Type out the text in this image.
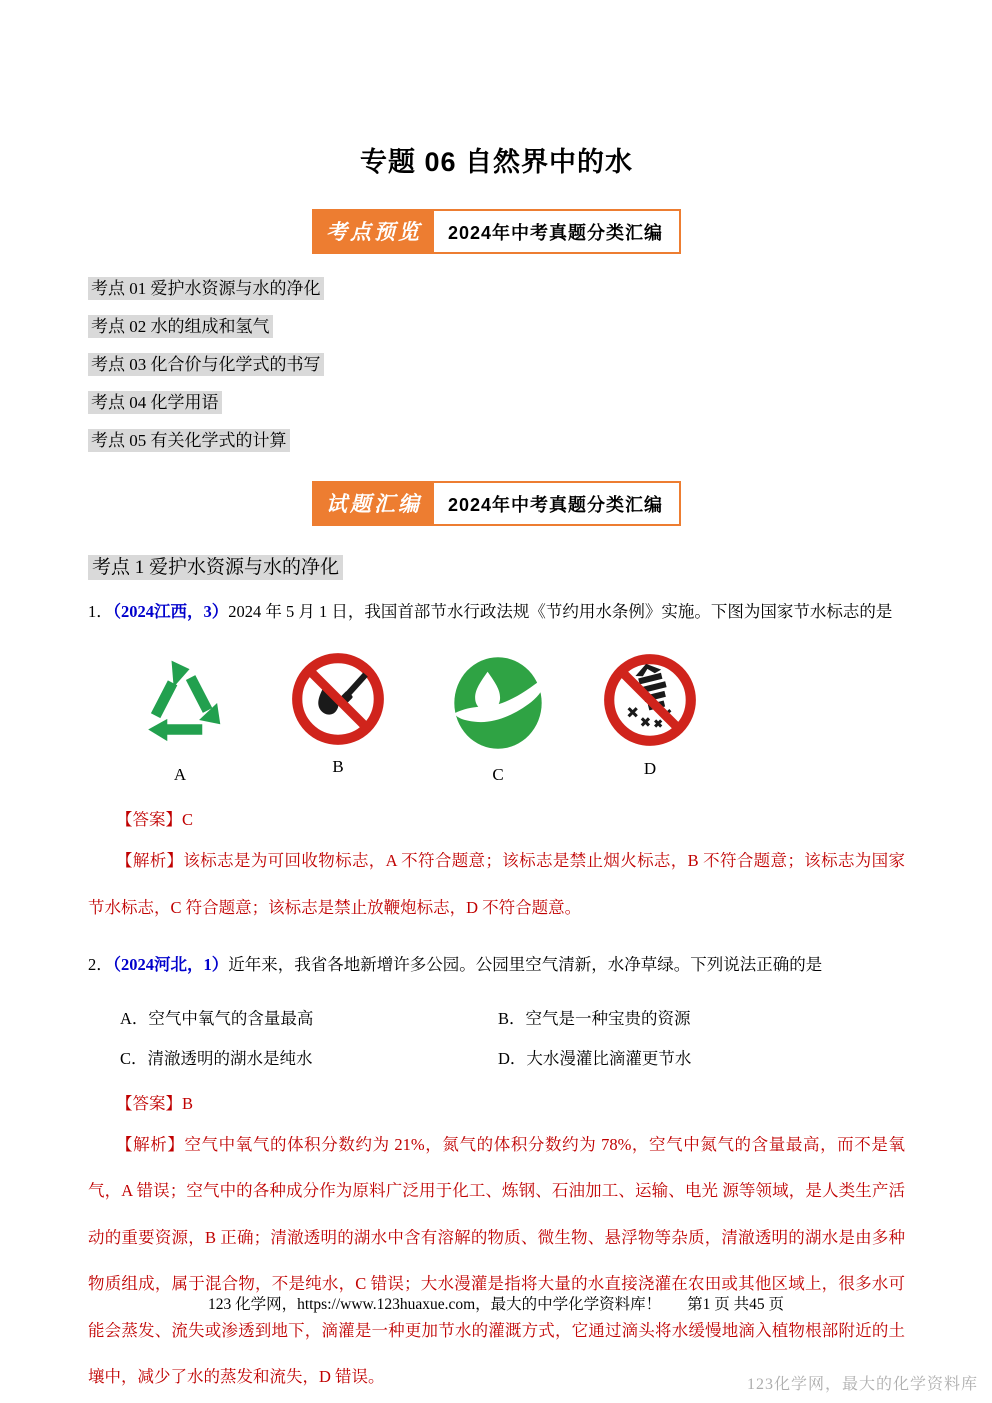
专题 06 自然界中的水
考点预览	2024年中考真题分类汇编
考点 01 爱护水资源与水的净化
考点 02 水的组成和氢气
考点 03 化合价与化学式的书写
考点 04 化学用语
考点 05 有关化学式的计算
试题汇编	2024年中考真题分类汇编
考点 1 爱护水资源与水的净化

1．（2024江西，3）2024 年 5 月 1 日，我国首部节水行政法规《节约用水条例》实施。下图为国家节水标志的是

A	B	C	D
【答案】C

【解析】该标志是为可回收物标志，A 不符合题意；该标志是禁止烟火标志，B 不符合题意；该标志为国家节水标志，C 符合题意；该标志是禁止放鞭炮标志，D 不符合题意。

2．（2024河北，1）近年来，我省各地新增许多公园。公园里空气清新，水净草绿。下列说法正确的是

A．空气中氧气的含量最高	B．空气是一种宝贵的资源
C．清澈透明的湖水是纯水	D．大水漫灌比滴灌更节水
【答案】B

【解析】空气中氧气的体积分数约为 21%，氮气的体积分数约为 78%，空气中氮气的含量最高，而不是氧气，A 错误；空气中的各种成分作为原料广泛用于化工、炼钢、石油加工、运输、电光 源等领域，是人类生产活动的重要资源，B 正确；清澈透明的湖水中含有溶解的物质、微生物、悬浮物等杂质，清澈透明的湖水是由多种物质组成，属于混合物，不是纯水，C 错误；大水漫灌是指将大量的水直接浇灌在农田或其他区域上，很多水可能会蒸发、流失或渗透到地下，滴灌是一种更加节水的灌溉方式，它通过滴头将水缓慢地滴入植物根部附近的土壤中，减少了水的蒸发和流失，D 错误。

123 化学网，https://www.123huaxue.com，最大的中学化学资料库！ 第1 页 共45 页
123化学网，最大的化学资料库
